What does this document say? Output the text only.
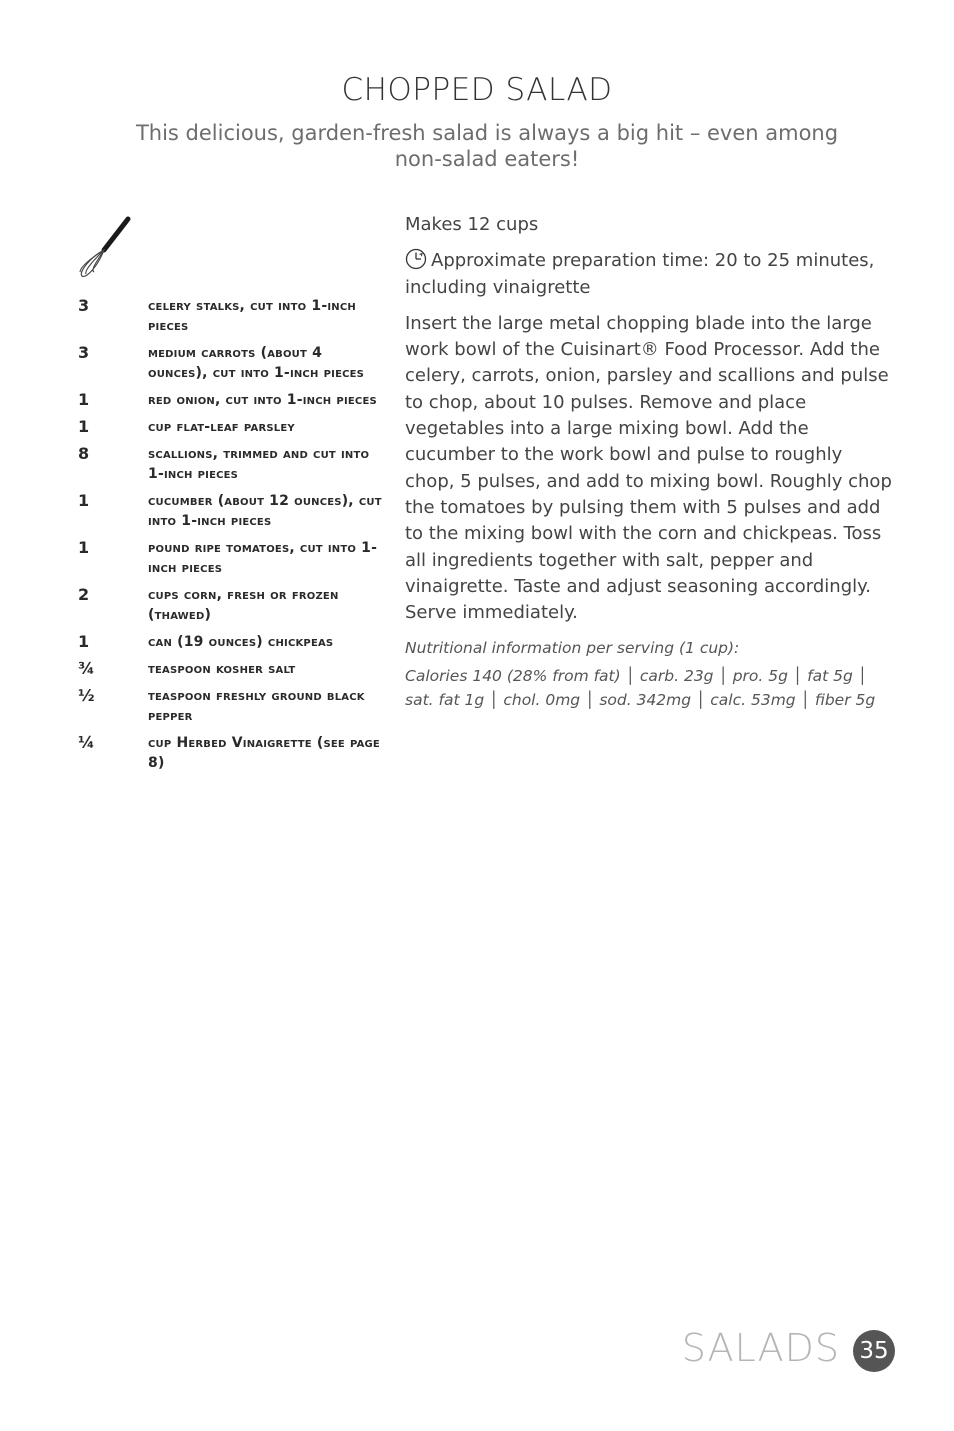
CHOPPED SALAD
This delicious, garden-fresh salad is always a big hit – even among non-salad eaters!
3	celery stalks, cut into 1-inch pieces
3	medium carrots (about 4 ounces), cut into 1-inch pieces
1	red onion, cut into 1-inch pieces
1	cup flat-leaf parsley
8	scallions, trimmed and cut into 1-inch pieces
1	cucumber (about 12 ounces), cut into 1-inch pieces
1	pound ripe tomatoes, cut into 1-inch pieces
2	cups corn, fresh or frozen (thawed)
1	can (19 ounces) chickpeas
¾	teaspoon kosher salt
½	teaspoon freshly ground black pepper
¼	cup Herbed Vinaigrette (see page 8)

Makes 12 cups

Approximate preparation time: 20 to 25 minutes, including vinaigrette

Insert the large metal chopping blade into the large work bowl of the Cuisinart® Food Processor. Add the celery, carrots, onion, parsley and scallions and pulse to chop, about 10 pulses. Remove and place vegetables into a large mixing bowl. Add the cucumber to the work bowl and pulse to roughly chop, 5 pulses, and add to mixing bowl. Roughly chop the tomatoes by pulsing them with 5 pulses and add to the mixing bowl with the corn and chickpeas. Toss all ingredients together with salt, pepper and vinaigrette. Taste and adjust seasoning accordingly. Serve immediately.

Nutritional information per serving (1 cup):

Calories 140 (28% from fat) │ carb. 23g │ pro. 5g │ fat 5g │

sat. fat 1g │ chol. 0mg │ sod. 342mg │ calc. 53mg │ fiber 5g

SALADS 35
